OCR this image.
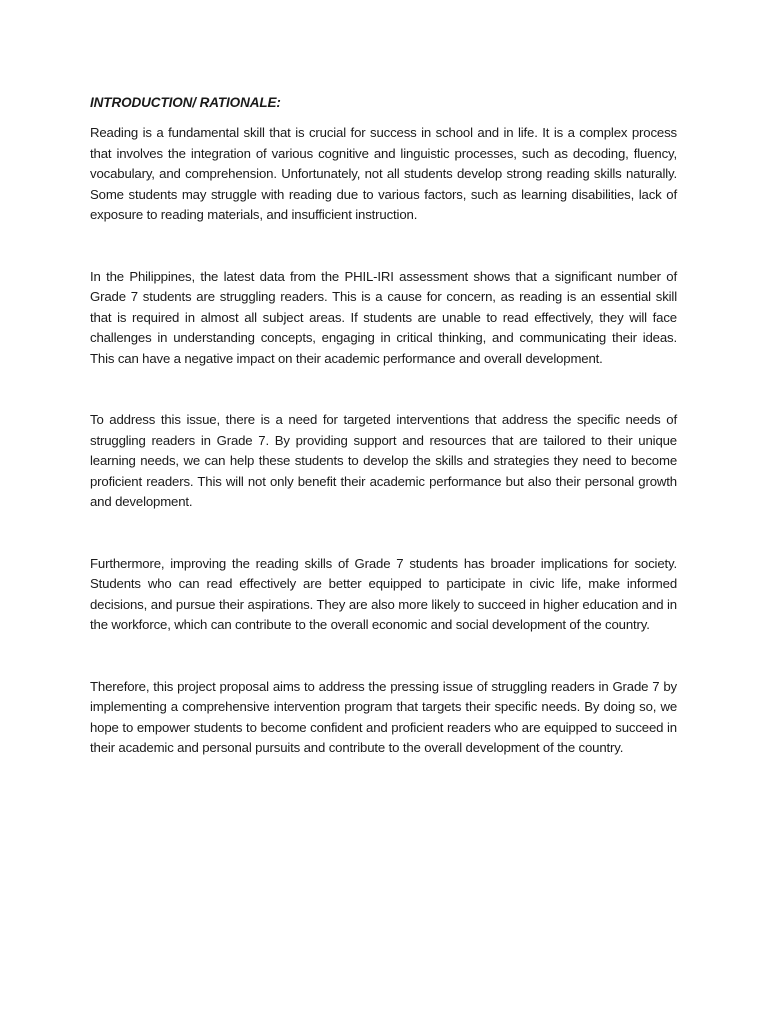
INTRODUCTION/ RATIONALE:

Reading is a fundamental skill that is crucial for success in school and in life. It is a complex process that involves the integration of various cognitive and linguistic processes, such as decoding, fluency, vocabulary, and comprehension. Unfortunately, not all students develop strong reading skills naturally. Some students may struggle with reading due to various factors, such as learning disabilities, lack of exposure to reading materials, and insufficient instruction.

In the Philippines, the latest data from the PHIL-IRI assessment shows that a significant number of Grade 7 students are struggling readers. This is a cause for concern, as reading is an essential skill that is required in almost all subject areas. If students are unable to read effectively, they will face challenges in understanding concepts, engaging in critical thinking, and communicating their ideas. This can have a negative impact on their academic performance and overall development.

To address this issue, there is a need for targeted interventions that address the specific needs of struggling readers in Grade 7. By providing support and resources that are tailored to their unique learning needs, we can help these students to develop the skills and strategies they need to become proficient readers. This will not only benefit their academic performance but also their personal growth and development.

Furthermore, improving the reading skills of Grade 7 students has broader implications for society. Students who can read effectively are better equipped to participate in civic life, make informed decisions, and pursue their aspirations. They are also more likely to succeed in higher education and in the workforce, which can contribute to the overall economic and social development of the country.

Therefore, this project proposal aims to address the pressing issue of struggling readers in Grade 7 by implementing a comprehensive intervention program that targets their specific needs. By doing so, we hope to empower students to become confident and proficient readers who are equipped to succeed in their academic and personal pursuits and contribute to the overall development of the country.
